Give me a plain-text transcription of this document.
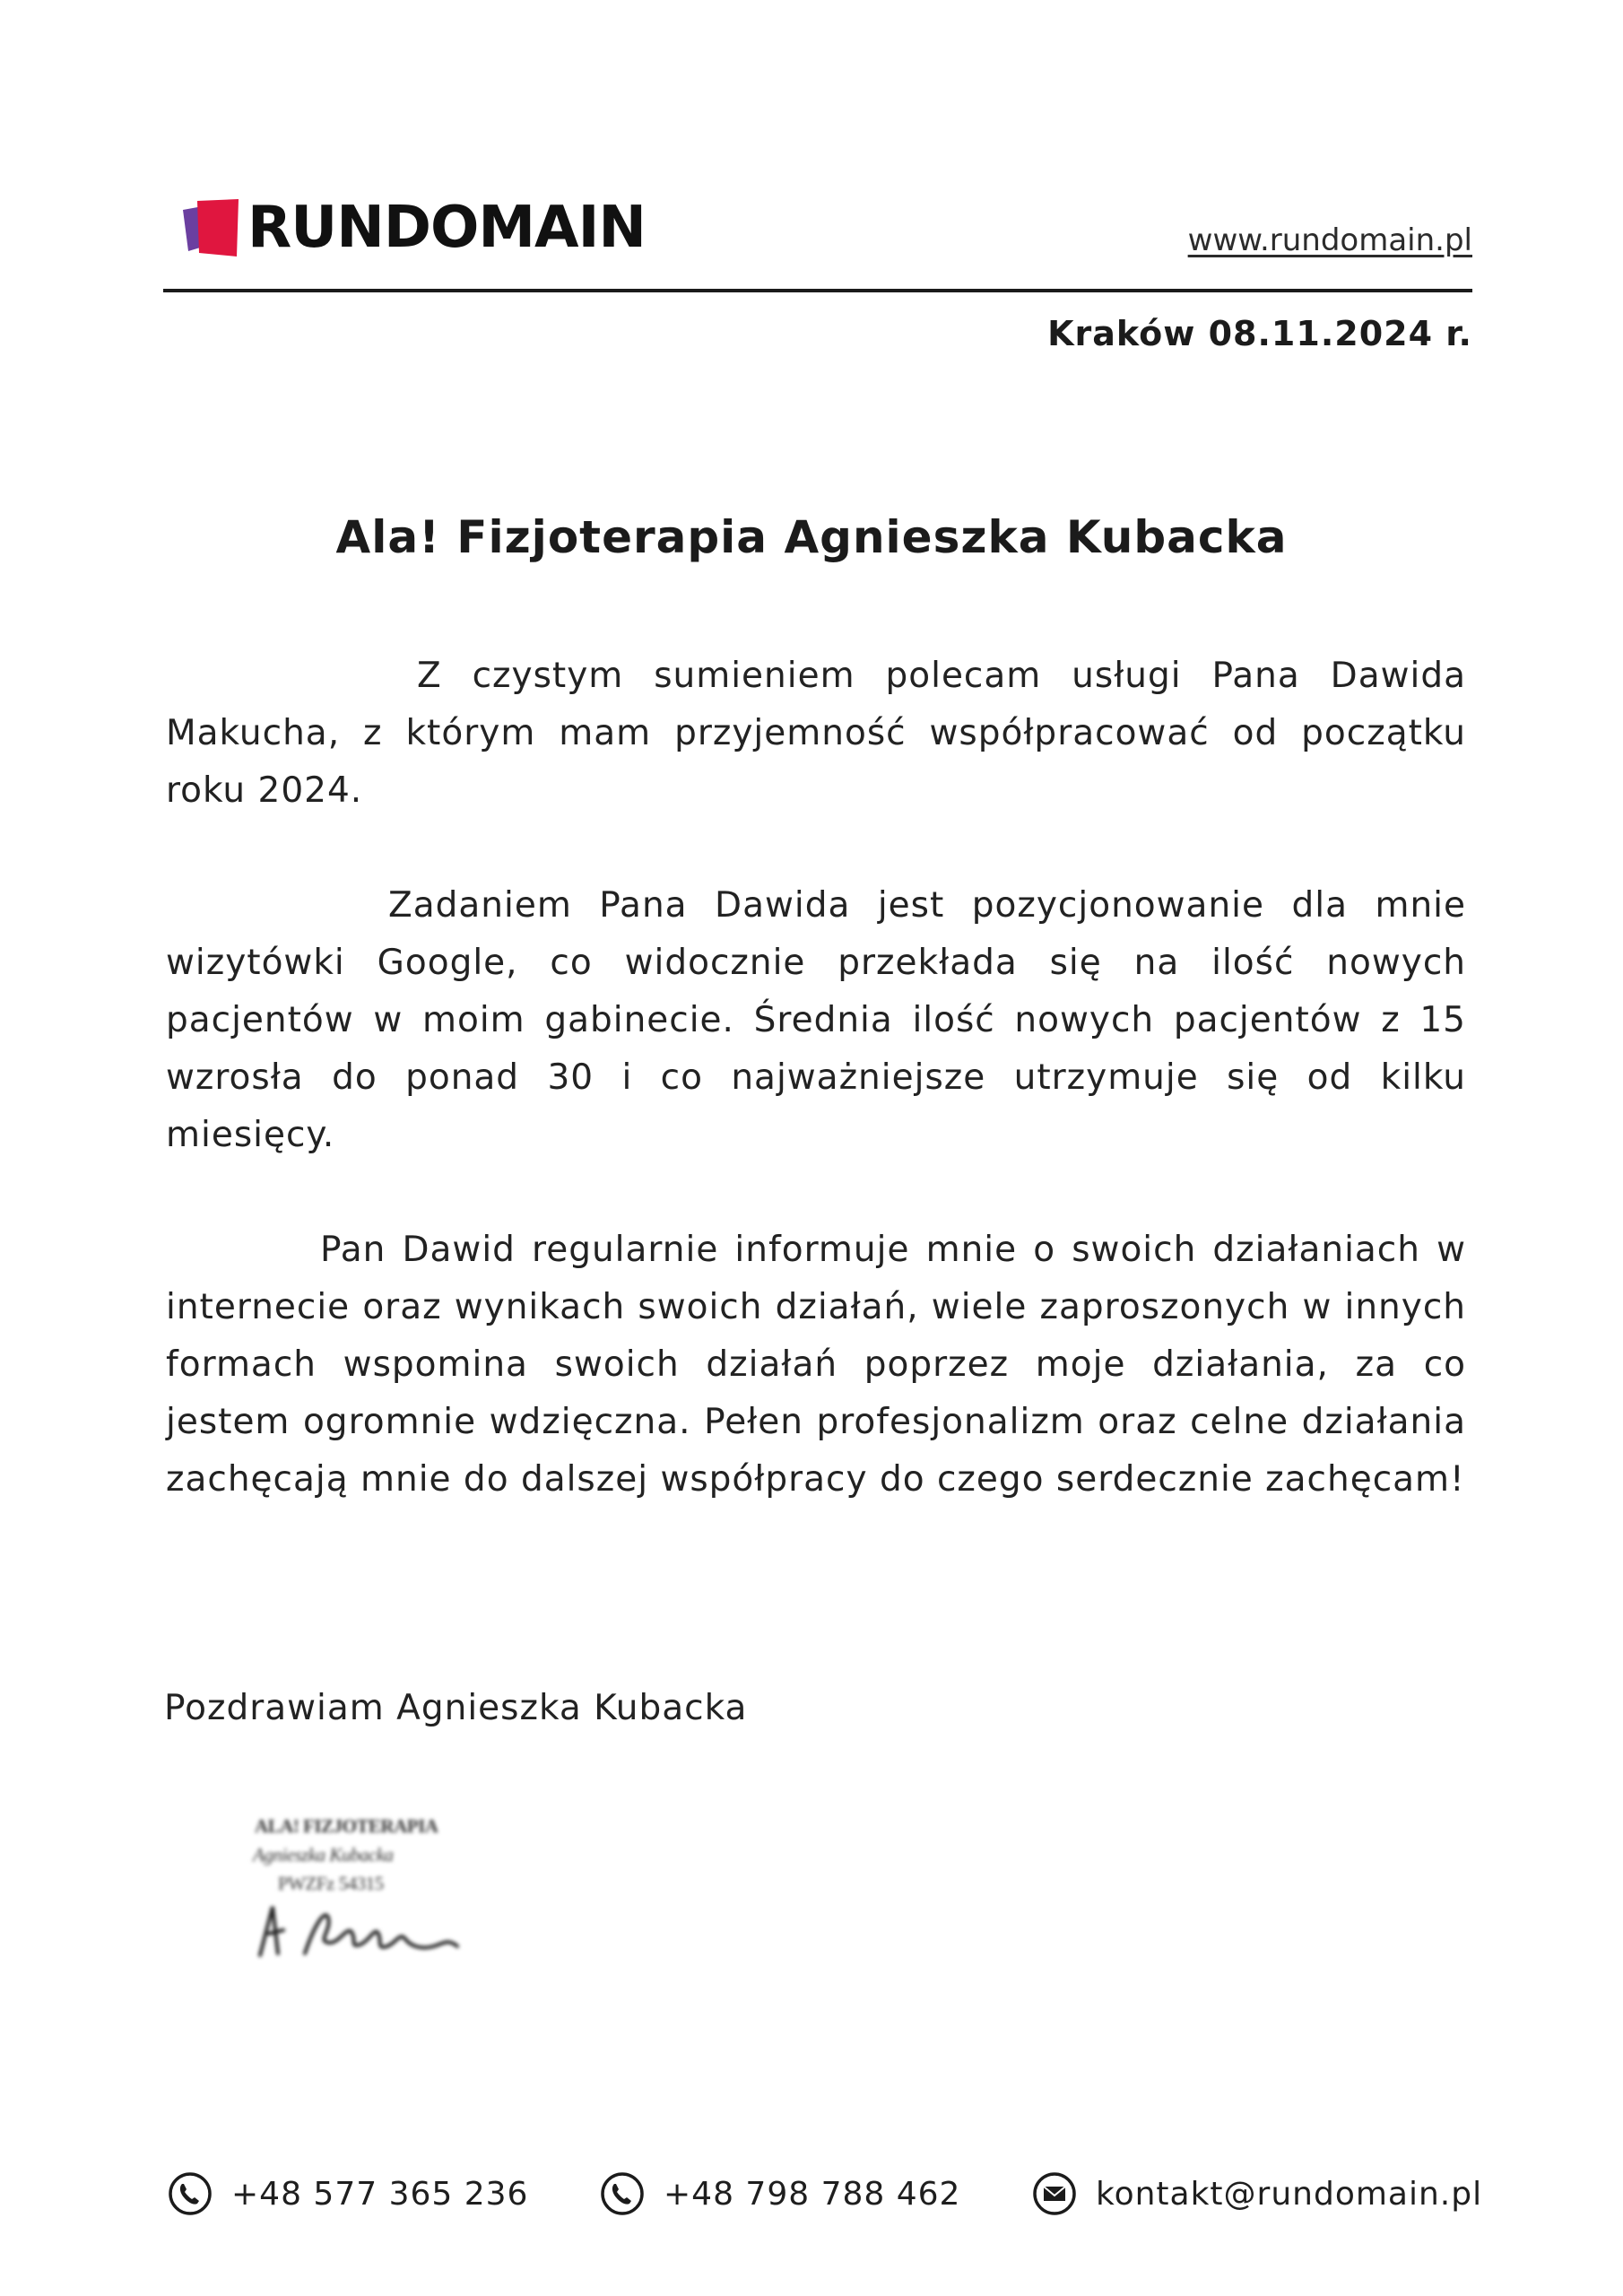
RUNDOMAIN	www.rundomain.pl
Kraków 08.11.2024 r.
Ala! Fizjoterapia Agnieszka Kubacka

Z czystym sumieniem polecam usługi Pana Dawida Makucha, z którym mam przyjemność współpracować od początku roku 2024.

Zadaniem Pana Dawida jest pozycjonowanie dla mnie wizytówki Google, co widocznie przekłada się na ilość nowych pacjentów w moim gabinecie. Średnia ilość nowych pacjentów z 15 wzrosła do ponad 30 i co najważniejsze utrzymuje się od kilku miesięcy.

Pan Dawid regularnie informuje mnie o swoich działaniach w internecie oraz wynikach swoich działań, wiele zaproszonych w innych formach wspomina swoich działań poprzez moje działania, za co jestem ogromnie wdzięczna. Pełen profesjonalizm oraz celne działania zachęcają mnie do dalszej współpracy do czego serdecznie zachęcam!

Pozdrawiam Agnieszka Kubacka
ALA! FIZJOTERAPIA
Agnieszka Kubacka
PWZFz 54315
+48 577 365 236	+48 798 788 462	kontakt@rundomain.pl
